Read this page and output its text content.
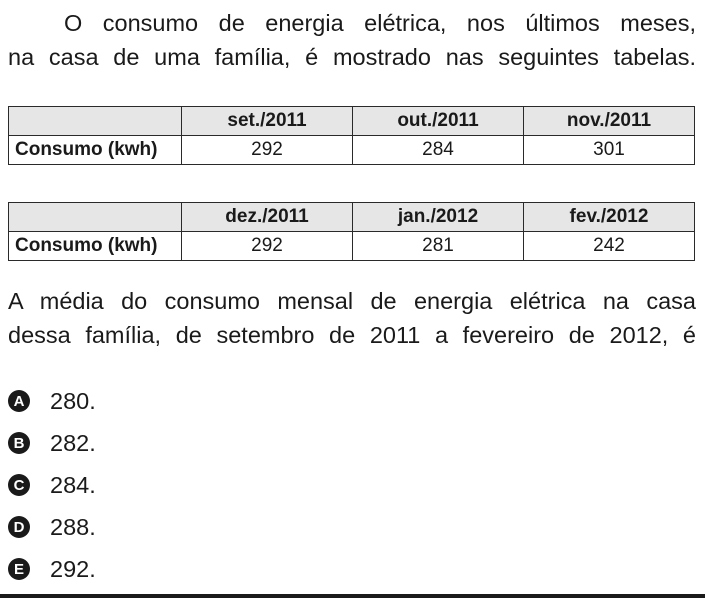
O consumo de energia elétrica, nos últimos meses,
na casa de uma família, é mostrado nas seguintes tabelas.
	set./2011	out./2011	nov./2011
Consumo (kwh)	292	284	301
	dez./2011	jan./2012	fev./2012
Consumo (kwh)	292	281	242
A média do consumo mensal de energia elétrica na casa
dessa família, de setembro de 2011 a fevereiro de 2012, é
A 280.
B 282.
C 284.
D 288.
E 292.
